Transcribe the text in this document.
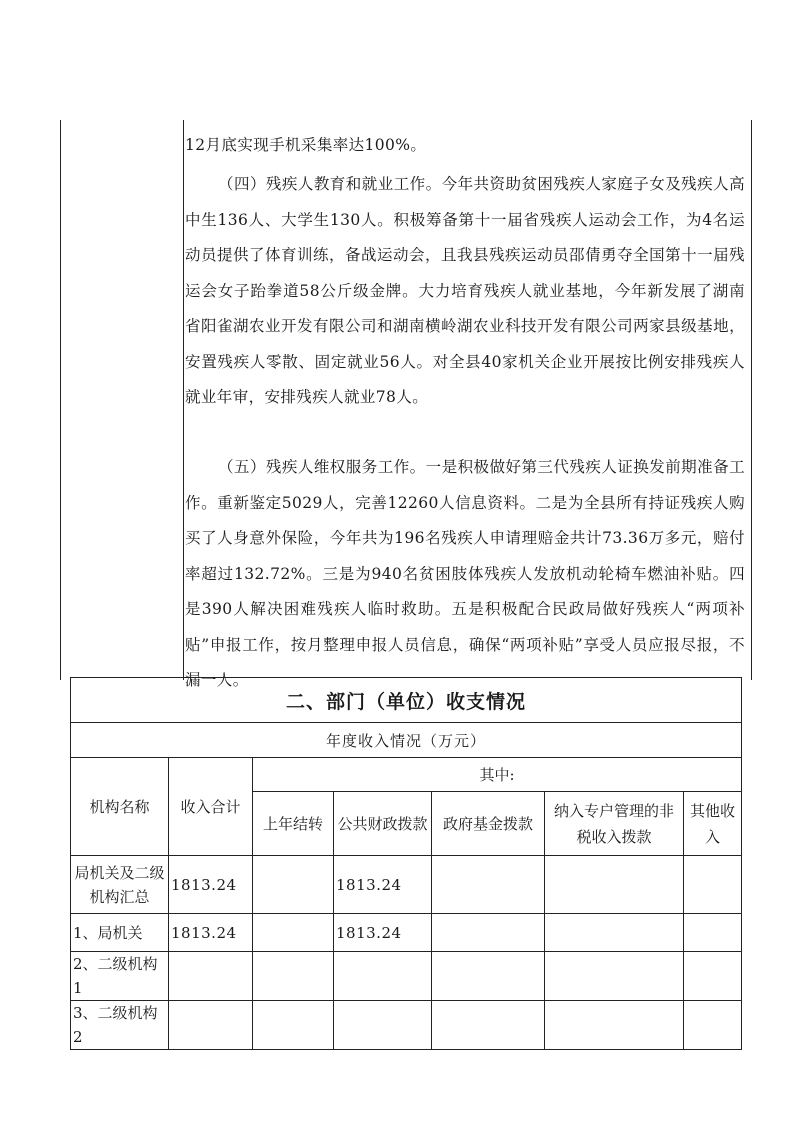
12月底实现手机采集率达100%。

（四）残疾人教育和就业工作。今年共资助贫困残疾人家庭子女及残疾人高中生136人、大学生130人。积极筹备第十一届省残疾人运动会工作，为4名运动员提供了体育训练，备战运动会，且我县残疾运动员邵倩勇夺全国第十一届残运会女子跆拳道58公斤级金牌。大力培育残疾人就业基地，今年新发展了湖南省阳雀湖农业开发有限公司和湖南横岭湖农业科技开发有限公司两家县级基地，安置残疾人零散、固定就业56人。对全县40家机关企业开展按比例安排残疾人就业年审，安排残疾人就业78人。

（五）残疾人维权服务工作。一是积极做好第三代残疾人证换发前期准备工作。重新鉴定5029人，完善12260人信息资料。二是为全县所有持证残疾人购买了人身意外保险，今年共为196名残疾人申请理赔金共计73.36万多元，赔付率超过132.72%。三是为940名贫困肢体残疾人发放机动轮椅车燃油补贴。四是390人解决困难残疾人临时救助。五是积极配合民政局做好残疾人“两项补贴”申报工作，按月整理申报人员信息，确保“两项补贴”享受人员应报尽报，不漏一人。

二、部门（单位）收支情况						
年度收入情况（万元）						
机构名称	收入合计	其中:				
		上年结转	公共财政拨款	政府基金拨款	纳入专户管理的非税收入拨款	其他收入
局机关及二级机构汇总	1813.24		1813.24			
1、局机关	1813.24		1813.24			
2、二级机构1						
3、二级机构2						
